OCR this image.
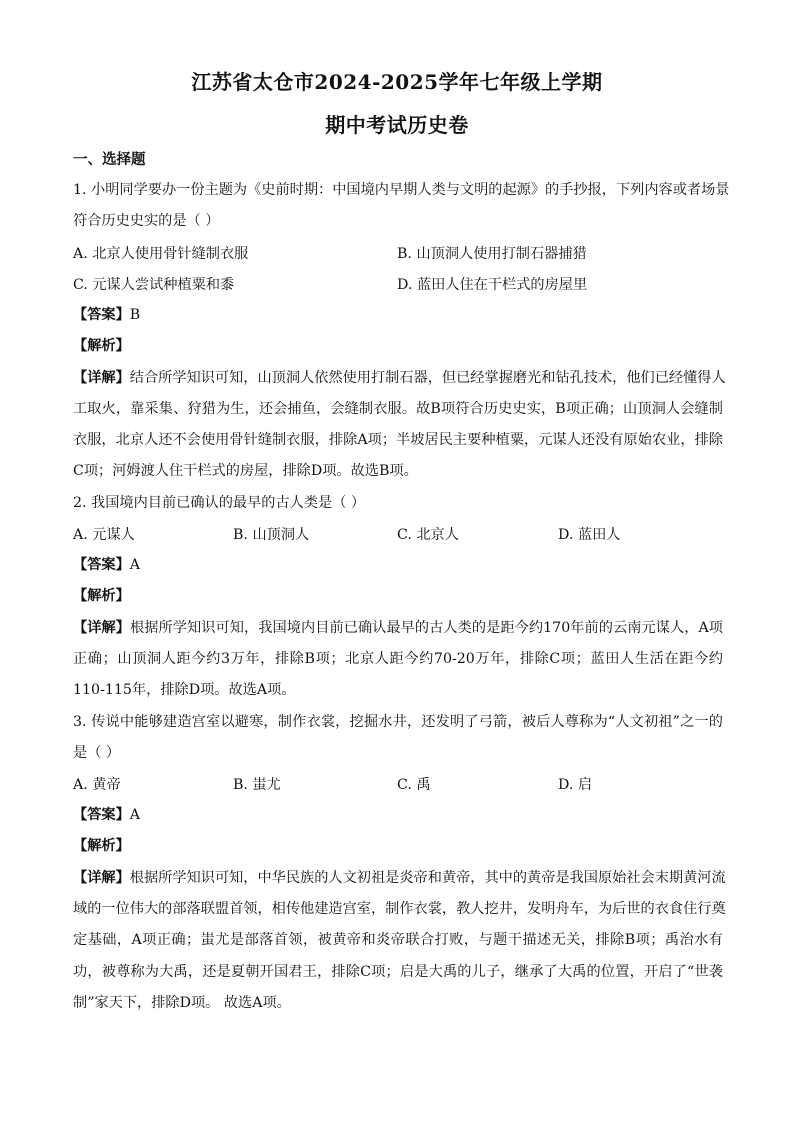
江苏省太仓市2024-2025学年七年级上学期
期中考试历史卷
一、选择题
1. 小明同学要办一份主题为《史前时期：中国境内早期人类与文明的起源》的手抄报，下列内容或者场景
符合历史史实的是（ ）
A. 北京人使用骨针缝制衣服	B. 山顶洞人使用打制石器捕猎
C. 元谋人尝试种植粟和黍	D. 蓝田人住在干栏式的房屋里
【答案】B
【解析】
【详解】结合所学知识可知，山顶洞人依然使用打制石器，但已经掌握磨光和钻孔技术，他们已经懂得人
工取火，靠采集、狩猎为生，还会捕鱼，会缝制衣服。故B项符合历史史实，B项正确；山顶洞人会缝制
衣服，北京人还不会使用骨针缝制衣服，排除A项；半坡居民主要种植粟，元谋人还没有原始农业，排除
C项；河姆渡人住干栏式的房屋，排除D项。故选B项。
2. 我国境内目前已确认的最早的古人类是（ ）
A. 元谋人	B. 山顶洞人	C. 北京人	D. 蓝田人
【答案】A
【解析】
【详解】根据所学知识可知，我国境内目前已确认最早的古人类的是距今约170年前的云南元谋人，A项
正确；山顶洞人距今约3万年，排除B项；北京人距今约70-20万年，排除C项；蓝田人生活在距今约
110-115年，排除D项。故选A项。
3. 传说中能够建造宫室以避寒，制作衣裳，挖掘水井，还发明了弓箭，被后人尊称为“人文初祖”之一的
是（ ）
A. 黄帝	B. 蚩尤	C. 禹	D. 启
【答案】A
【解析】
【详解】根据所学知识可知，中华民族的人文初祖是炎帝和黄帝，其中的黄帝是我国原始社会末期黄河流
域的一位伟大的部落联盟首领，相传他建造宫室，制作衣裳，教人挖井，发明舟车，为后世的衣食住行奠
定基础，A项正确；蚩尤是部落首领，被黄帝和炎帝联合打败，与题干描述无关，排除B项；禹治水有
功，被尊称为大禹，还是夏朝开国君王，排除C项；启是大禹的儿子，继承了大禹的位置，开启了“世袭
制”家天下，排除D项。 故选A项。
